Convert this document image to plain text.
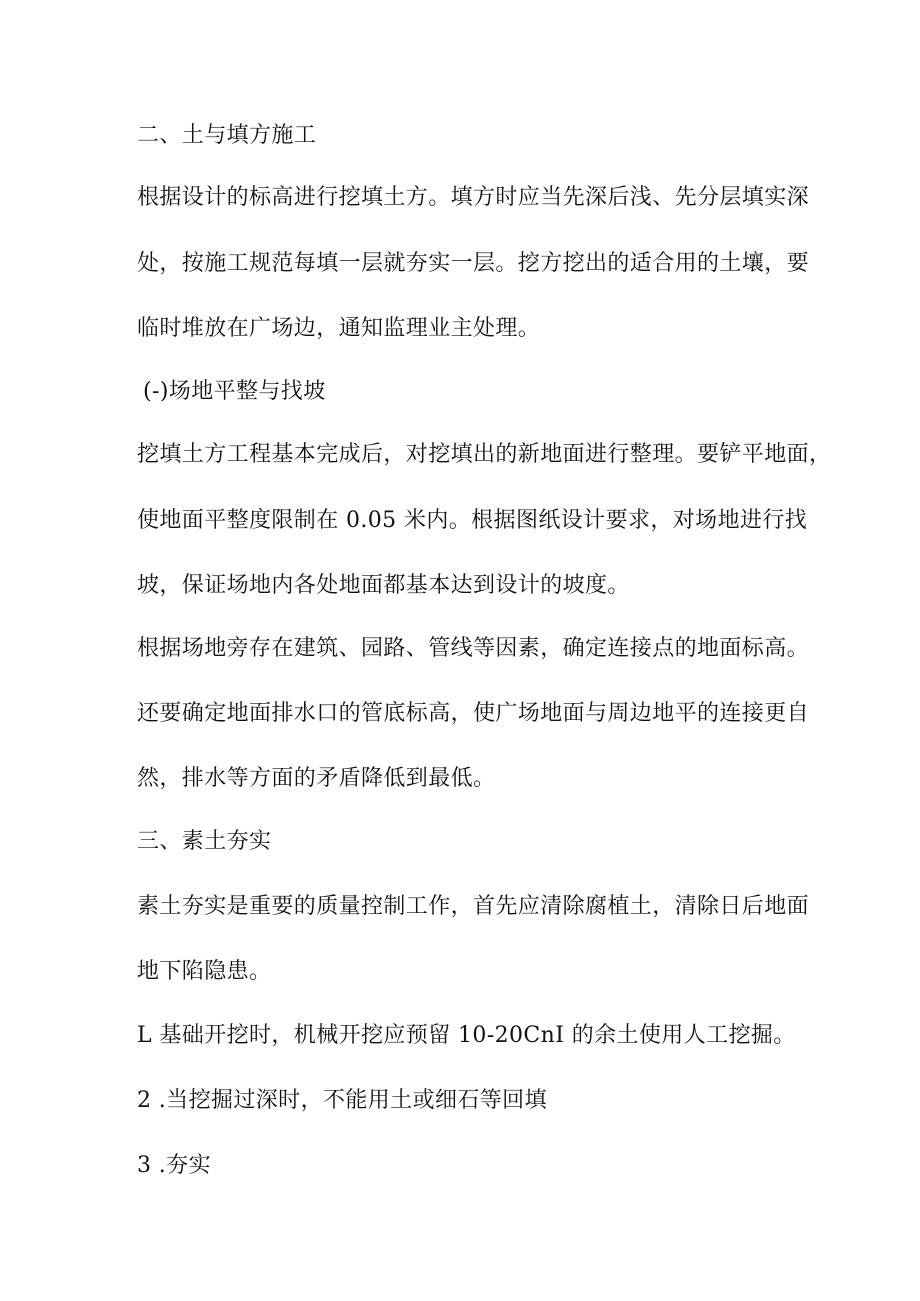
二、土与填方施工
根据设计的标高进行挖填土方。填方时应当先深后浅、先分层填实深
处，按施工规范每填一层就夯实一层。挖方挖出的适合用的土壤，要
临时堆放在广场边，通知监理业主处理。
(-)场地平整与找坡
挖填土方工程基本完成后，对挖填出的新地面进行整理。要铲平地面，
使地面平整度限制在 0.05 米内。根据图纸设计要求，对场地进行找
坡，保证场地内各处地面都基本达到设计的坡度。
根据场地旁存在建筑、园路、管线等因素，确定连接点的地面标高。
还要确定地面排水口的管底标高，使广场地面与周边地平的连接更自
然，排水等方面的矛盾降低到最低。
三、素土夯实
素土夯实是重要的质量控制工作，首先应清除腐植土，清除日后地面
地下陷隐患。
L 基础开挖时，机械开挖应预留 10-20CnI 的余土使用人工挖掘。
2 .当挖掘过深时，不能用土或细石等回填
3 .夯实
